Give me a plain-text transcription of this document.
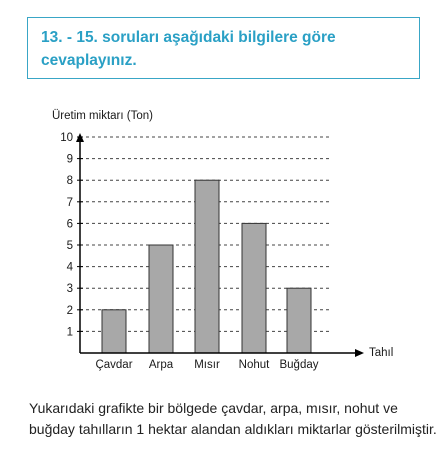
13. - 15. soruları aşağıdaki bilgilere göre cevaplayınız.
1
2
3
4
5
6
7
8
9
10
Çavdar Arpa Mısır Nohut Buğday
Üretim miktarı (Ton)
Tahıl
Yukarıdaki grafikte bir bölgede çavdar, arpa, mısır, nohut ve buğday tahılların 1 hektar alandan aldıkları miktarlar gösterilmiştir.
